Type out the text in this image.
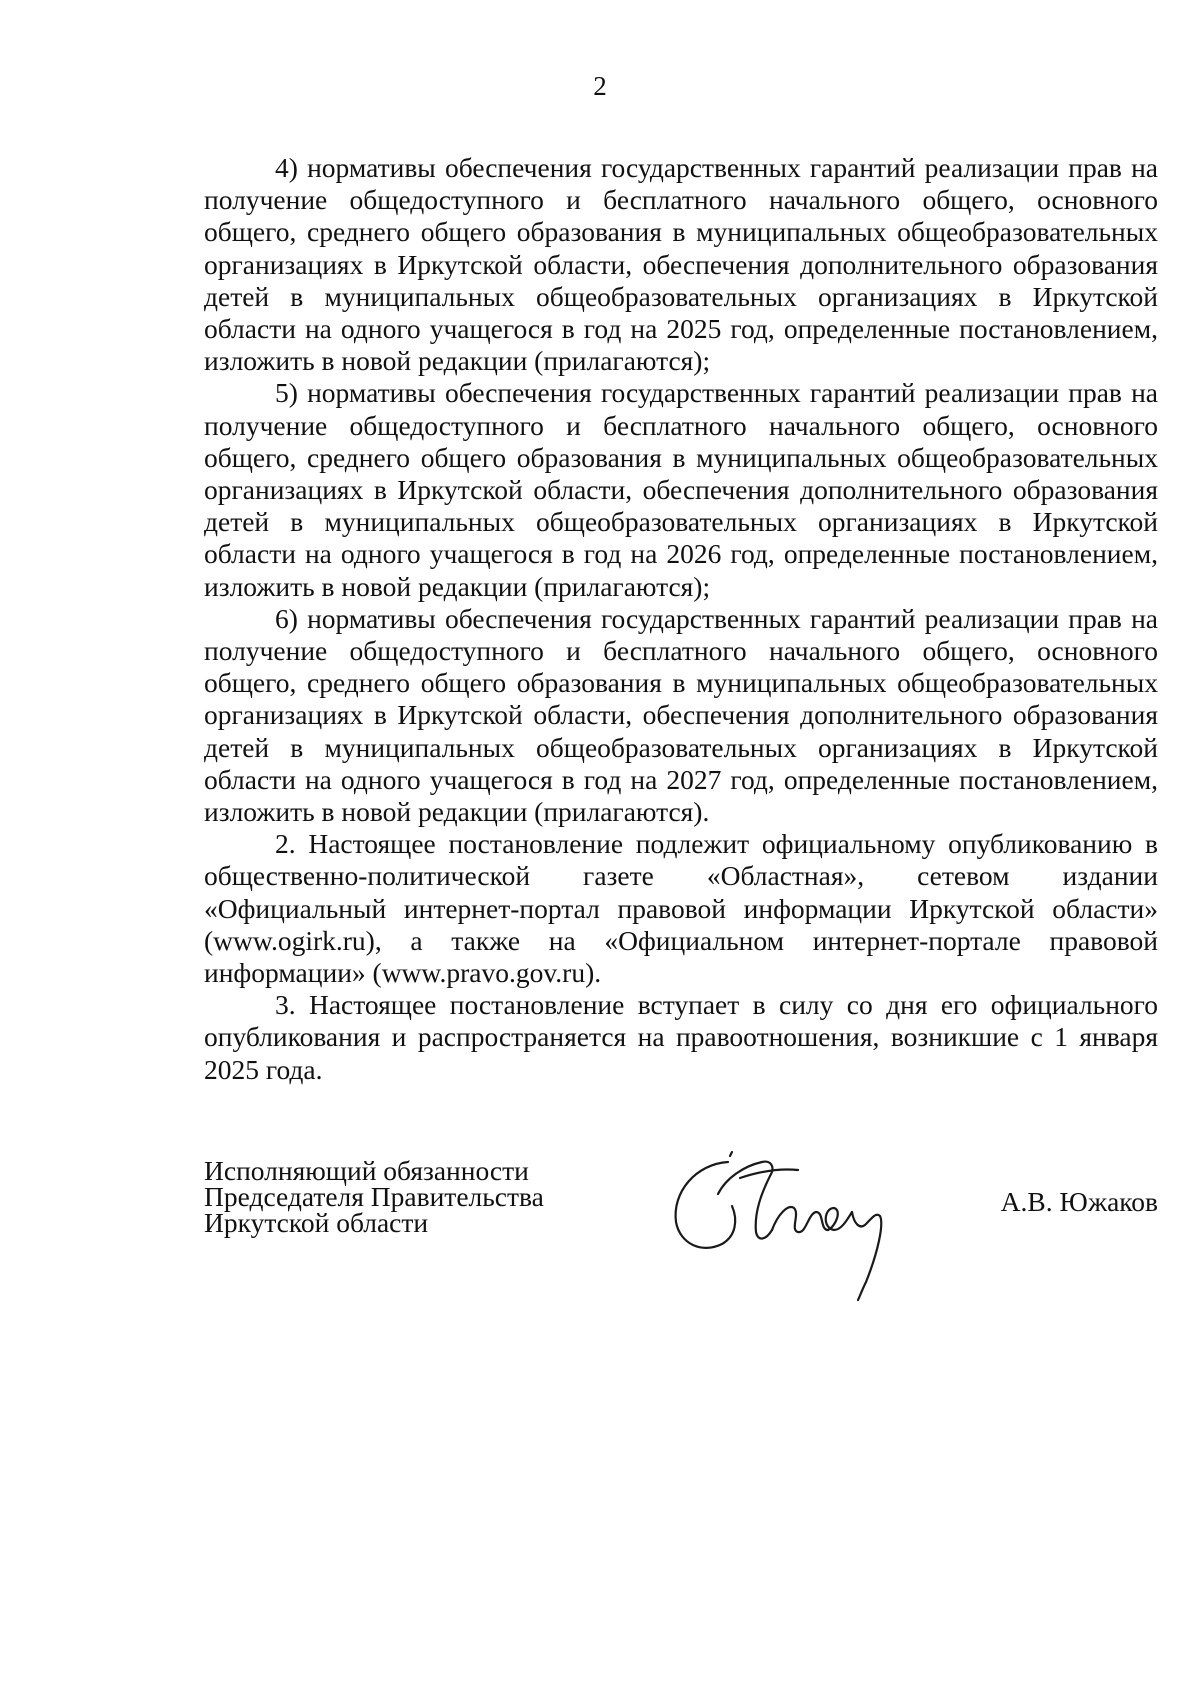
2

4) нормативы обеспечения государственных гарантий реализации прав на получение общедоступного и бесплатного начального общего, основного общего, среднего общего образования в муниципальных общеобразовательных организациях в Иркутской области, обеспечения дополнительного образования детей в муниципальных общеобразовательных организациях в Иркутской области на одного учащегося в год на 2025 год, определенные постановлением, изложить в новой редакции (прилагаются);

5) нормативы обеспечения государственных гарантий реализации прав на получение общедоступного и бесплатного начального общего, основного общего, среднего общего образования в муниципальных общеобразовательных организациях в Иркутской области, обеспечения дополнительного образования детей в муниципальных общеобразовательных организациях в Иркутской области на одного учащегося в год на 2026 год, определенные постановлением, изложить в новой редакции (прилагаются);

6) нормативы обеспечения государственных гарантий реализации прав на получение общедоступного и бесплатного начального общего, основного общего, среднего общего образования в муниципальных общеобразовательных организациях в Иркутской области, обеспечения дополнительного образования детей в муниципальных общеобразовательных организациях в Иркутской области на одного учащегося в год на 2027 год, определенные постановлением, изложить в новой редакции (прилагаются).

2. Настоящее постановление подлежит официальному опубликованию в общественно-политической газете «Областная», сетевом издании «Официальный интернет-портал правовой информации Иркутской области» (www.ogirk.ru), а также на «Официальном интернет-портале правовой информации» (www.pravo.gov.ru).

3. Настоящее постановление вступает в силу со дня его официального опубликования и распространяется на правоотношения, возникшие с 1 января 2025 года.

Исполняющий обязанности
Председателя Правительства
Иркутской области
А.В. Южаков
